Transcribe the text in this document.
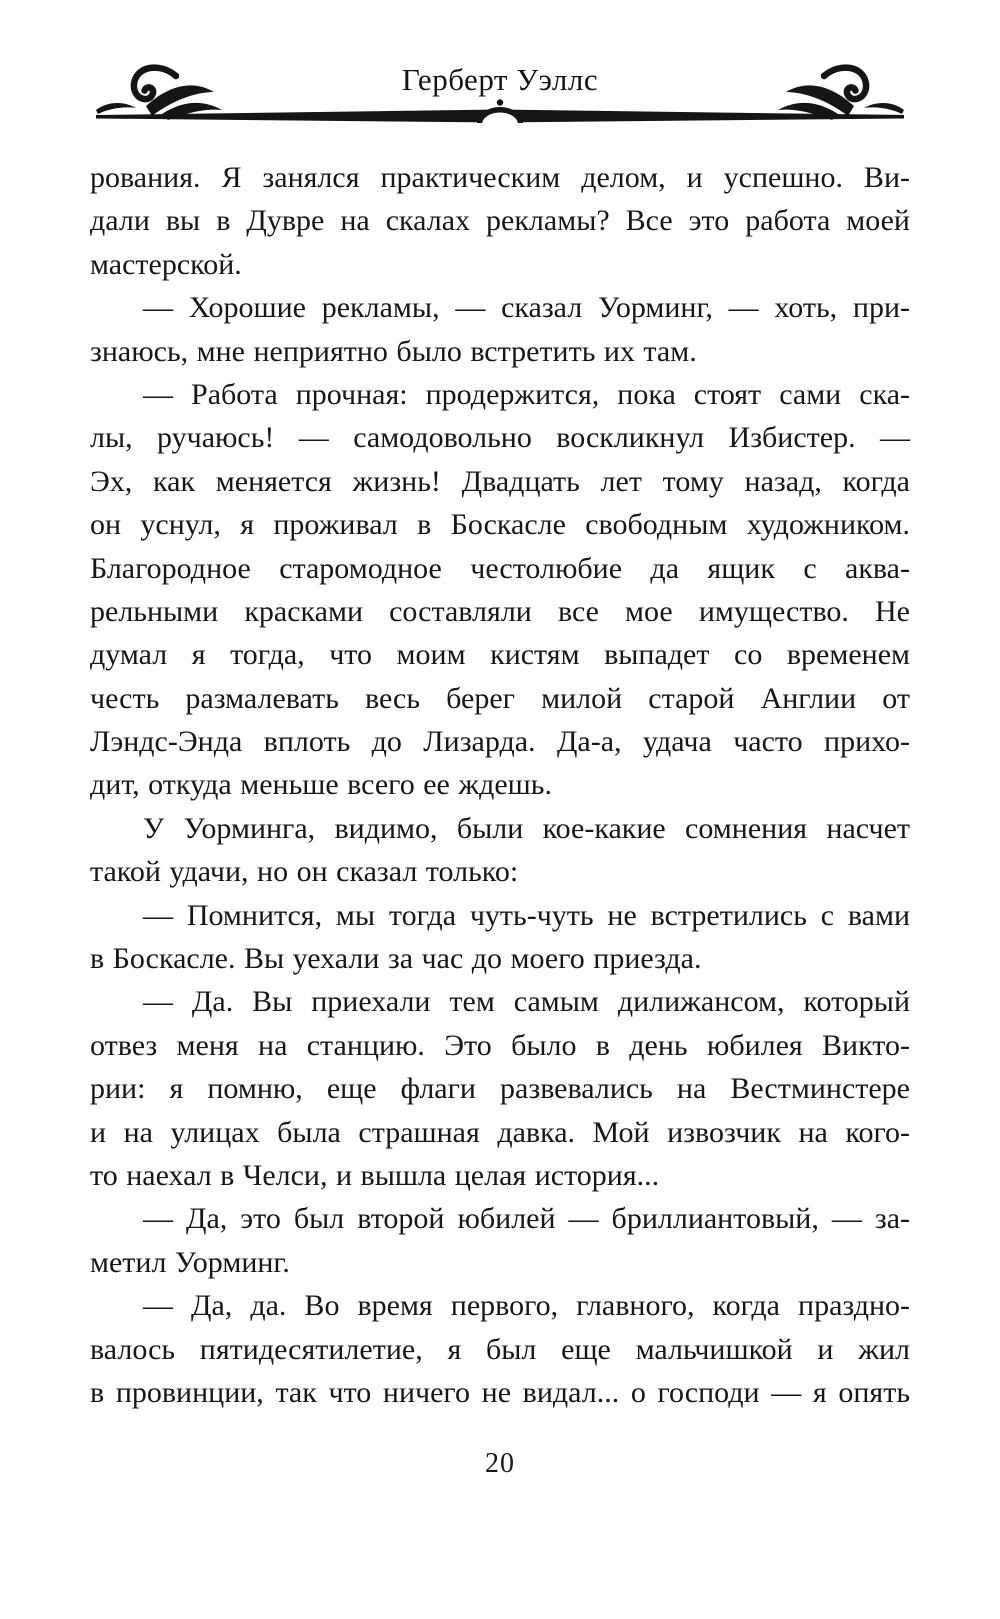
Герберт Уэллс
рования. Я занялся практическим делом, и успешно. Ви-
дали вы в Дувре на скалах рекламы? Все это работа моей
мастерской.
— Хорошие рекламы, — сказал Уорминг, — хоть, при-
знаюсь, мне неприятно было встретить их там.
— Работа прочная: продержится, пока стоят сами ска-
лы, ручаюсь! — самодовольно воскликнул Избистер. —
Эх, как меняется жизнь! Двадцать лет тому назад, когда
он уснул, я проживал в Боскасле свободным художником.
Благородное старомодное честолюбие да ящик с аква-
рельными красками составляли все мое имущество. Не
думал я тогда, что моим кистям выпадет со временем
честь размалевать весь берег милой старой Англии от
Лэндс-Энда вплоть до Лизарда. Да-а, удача часто прихо-
дит, откуда меньше всего ее ждешь.
У Уорминга, видимо, были кое-какие сомнения насчет
такой удачи, но он сказал только:
— Помнится, мы тогда чуть-чуть не встретились с вами
в Боскасле. Вы уехали за час до моего приезда.
— Да. Вы приехали тем самым дилижансом, который
отвез меня на станцию. Это было в день юбилея Викто-
рии: я помню, еще флаги развевались на Вестминстере
и на улицах была страшная давка. Мой извозчик на кого-
то наехал в Челси, и вышла целая история...
— Да, это был второй юбилей — бриллиантовый, — за-
метил Уорминг.
— Да, да. Во время первого, главного, когда праздно-
валось пятидесятилетие, я был еще мальчишкой и жил
в провинции, так что ничего не видал... о господи — я опять
20
